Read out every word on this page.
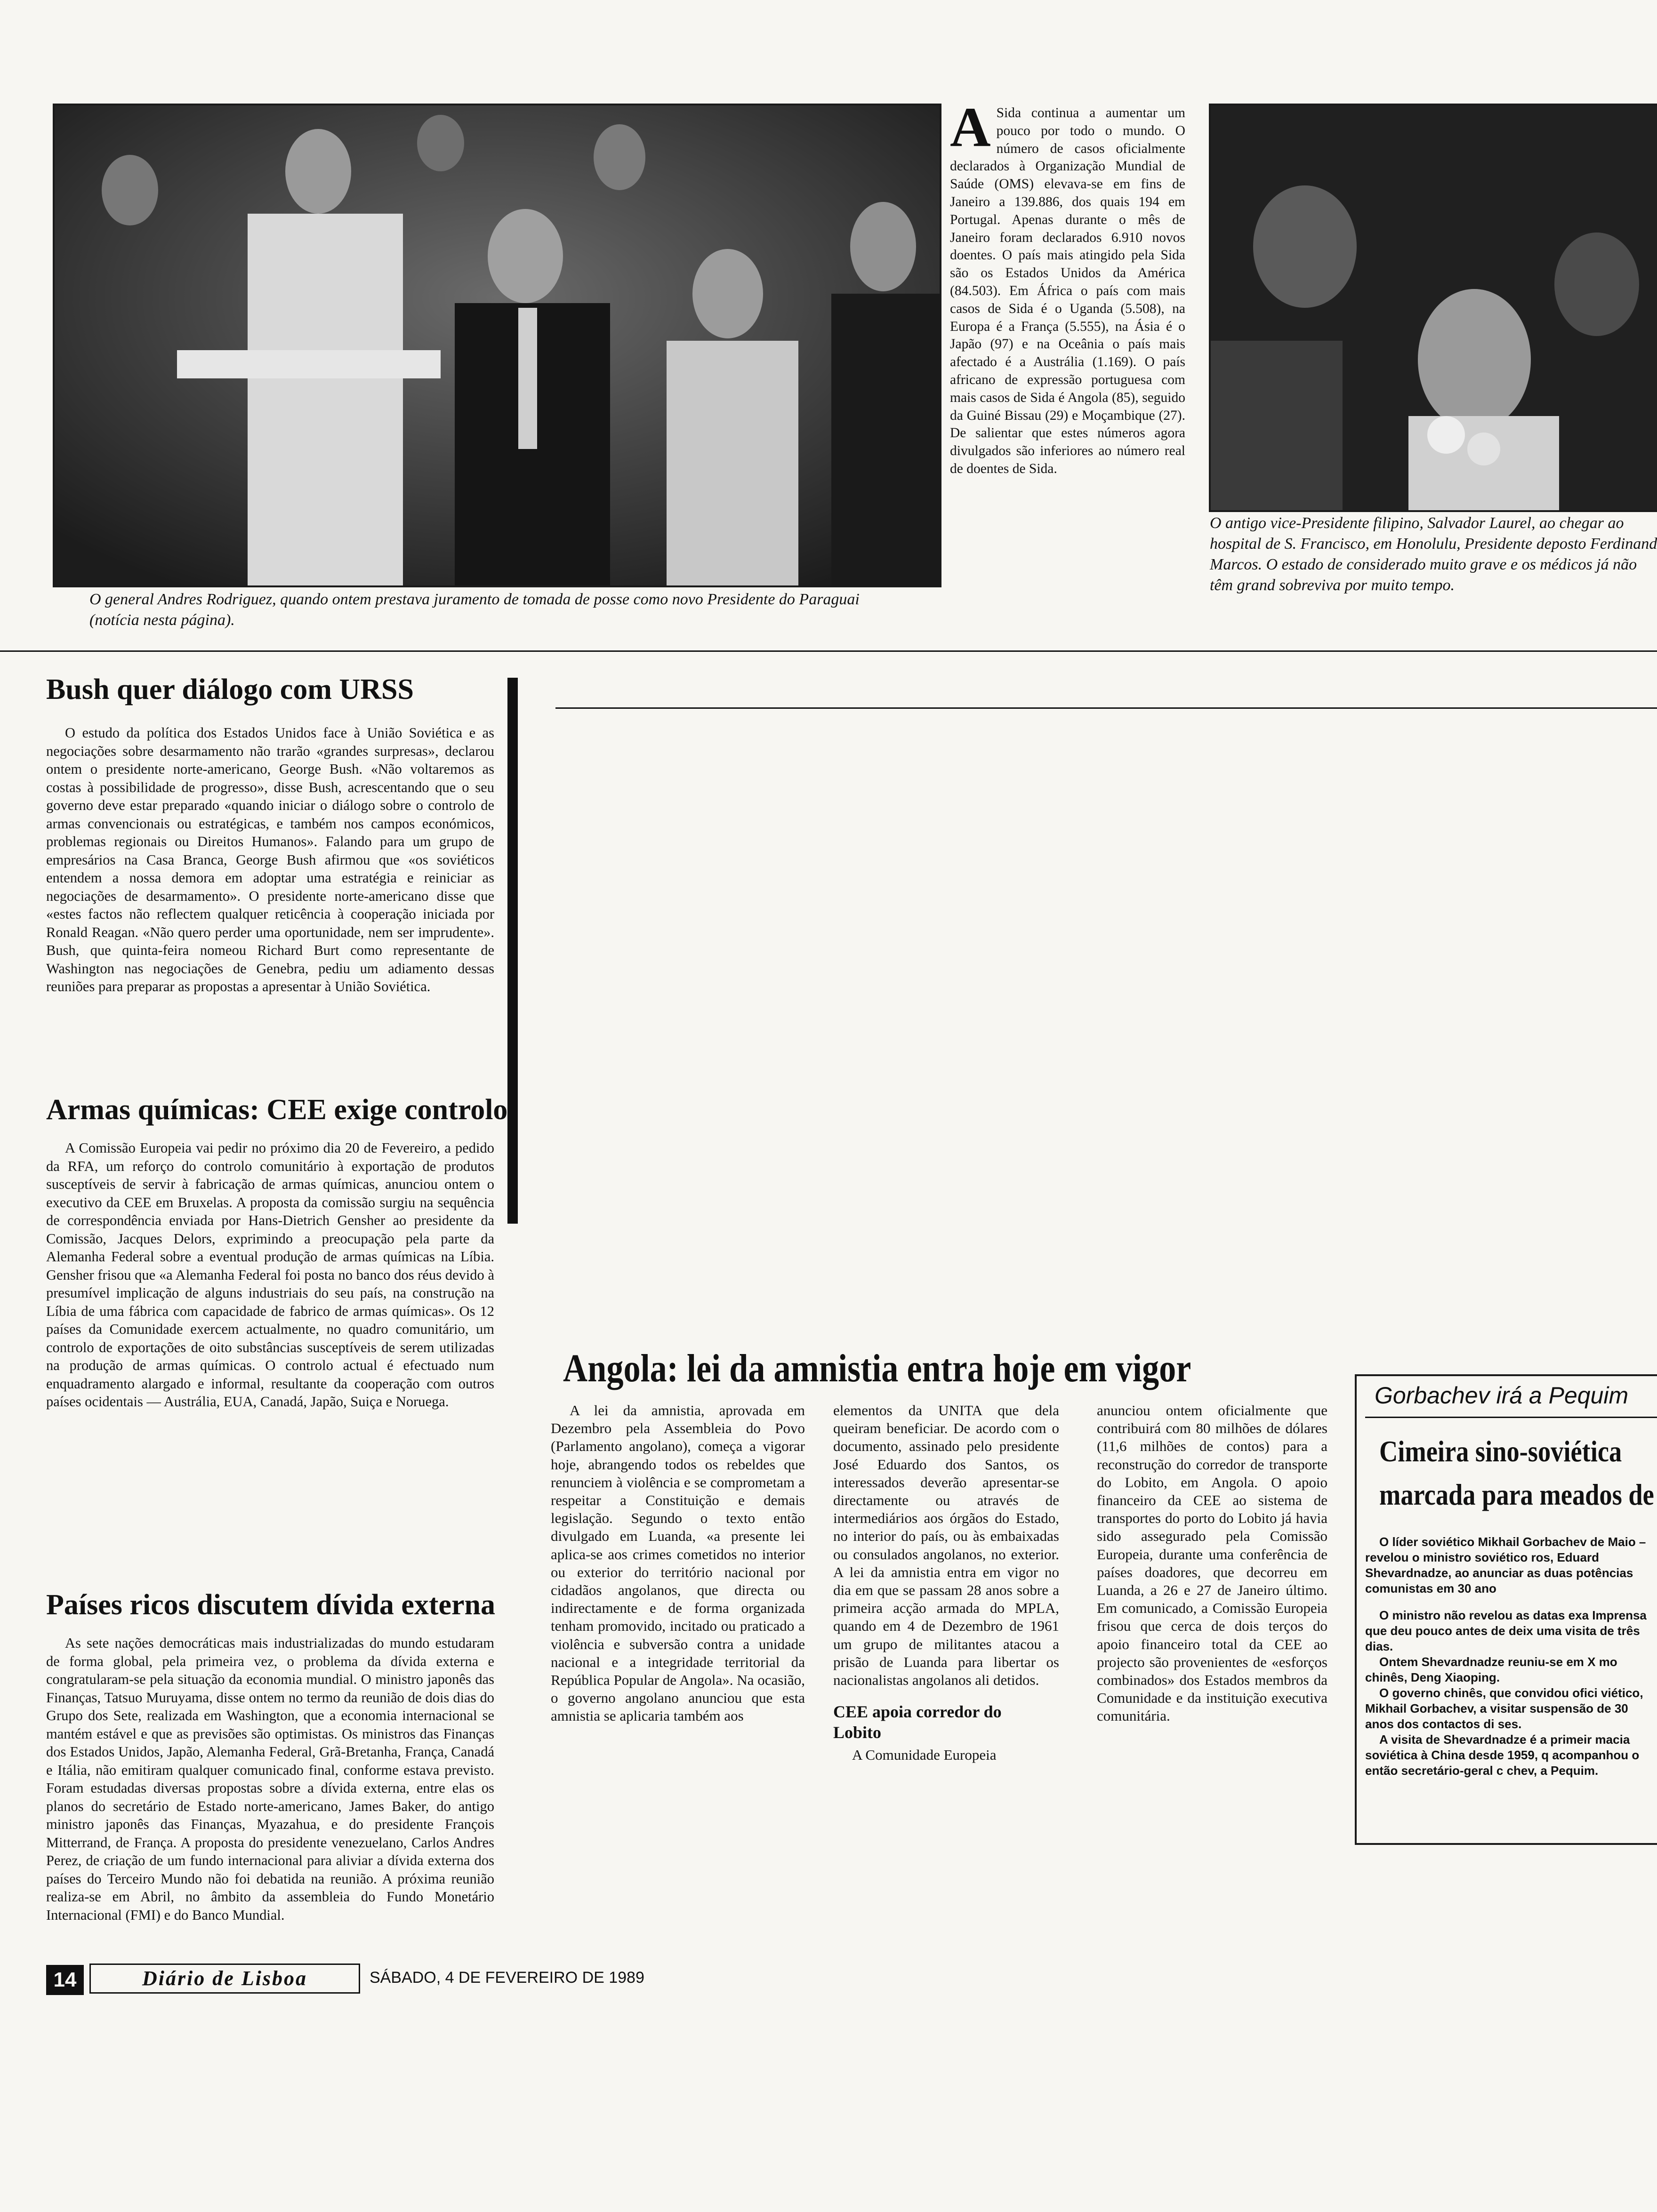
O general Andres Rodriguez, quando ontem prestava juramento de tomada de posse como novo Presidente do Paraguai (notícia nesta página).
A Sida continua a aumentar um pouco por todo o mundo. O número de casos oficialmente declarados à Organização Mundial de Saúde (OMS) elevava-se em fins de Janeiro a 139.886, dos quais 194 em Portugal. Apenas durante o mês de Janeiro foram declarados 6.910 novos doentes. O país mais atingido pela Sida são os Estados Unidos da América (84.503). Em África o país com mais casos de Sida é o Uganda (5.508), na Europa é a França (5.555), na Ásia é o Japão (97) e na Oceânia o país mais afectado é a Austrália (1.169). O país africano de expressão portuguesa com mais casos de Sida é Angola (85), seguido da Guiné Bissau (29) e Moçambique (27). De salientar que estes números agora divulgados são inferiores ao número real de doentes de Sida.
O antigo vice-Presidente filipino, Salvador Laurel, ao chegar ao hospital de S. Francisco, em Honolulu, Presidente deposto Ferdinand Marcos. O estado de considerado muito grave e os médicos já não têm grand sobreviva por muito tempo.
Bush quer diálogo com URSS

O estudo da política dos Estados Unidos face à União Soviética e as negociações sobre desarmamento não trarão «grandes surpresas», declarou ontem o presidente norte-americano, George Bush. «Não voltaremos as costas à possibilidade de progresso», disse Bush, acrescentando que o seu governo deve estar preparado «quando iniciar o diálogo sobre o controlo de armas convencionais ou estratégicas, e também nos campos económicos, problemas regionais ou Direitos Humanos». Falando para um grupo de empresários na Casa Branca, George Bush afirmou que «os soviéticos entendem a nossa demora em adoptar uma estratégia e reiniciar as negociações de desarmamento». O presidente norte-americano disse que «estes factos não reflectem qualquer reticência à cooperação iniciada por Ronald Reagan. «Não quero perder uma oportunidade, nem ser imprudente». Bush, que quinta-feira nomeou Richard Burt como representante de Washington nas negociações de Genebra, pediu um adiamento dessas reuniões para preparar as propostas a apresentar à União Soviética.

Armas químicas: CEE exige controlo

A Comissão Europeia vai pedir no próximo dia 20 de Fevereiro, a pedido da RFA, um reforço do controlo comunitário à exportação de produtos susceptíveis de servir à fabricação de armas químicas, anunciou ontem o executivo da CEE em Bruxelas. A proposta da comissão surgiu na sequência de correspondência enviada por Hans-Dietrich Gensher ao presidente da Comissão, Jacques Delors, exprimindo a preocupação pela parte da Alemanha Federal sobre a eventual produção de armas químicas na Líbia. Gensher frisou que «a Alemanha Federal foi posta no banco dos réus devido à presumível implicação de alguns industriais do seu país, na construção na Líbia de uma fábrica com capacidade de fabrico de armas químicas». Os 12 países da Comunidade exercem actualmente, no quadro comunitário, um controlo de exportações de oito substâncias susceptíveis de serem utilizadas na produção de armas químicas. O controlo actual é efectuado num enquadramento alargado e informal, resultante da cooperação com outros países ocidentais — Austrália, EUA, Canadá, Japão, Suiça e Noruega.

Países ricos discutem dívida externa

As sete nações democráticas mais industrializadas do mundo estudaram de forma global, pela primeira vez, o problema da dívida externa e congratularam-se pela situação da economia mundial. O ministro japonês das Finanças, Tatsuo Muruyama, disse ontem no termo da reunião de dois dias do Grupo dos Sete, realizada em Washington, que a economia internacional se mantém estável e que as previsões são optimistas. Os ministros das Finanças dos Estados Unidos, Japão, Alemanha Federal, Grã-Bretanha, França, Canadá e Itália, não emitiram qualquer comunicado final, conforme estava previsto. Foram estudadas diversas propostas sobre a dívida externa, entre elas os planos do secretário de Estado norte-americano, James Baker, do antigo ministro japonês das Finanças, Myazahua, e do presidente François Mitterrand, de França. A proposta do presidente venezuelano, Carlos Andres Perez, de criação de um fundo internacional para aliviar a dívida externa dos países do Terceiro Mundo não foi debatida na reunião. A próxima reunião realiza-se em Abril, no âmbito da assembleia do Fundo Monetário Internacional (FMI) e do Banco Mundial.

Angola: lei da amnistia entra hoje em vigor

A lei da amnistia, aprovada em Dezembro pela Assembleia do Povo (Parlamento angolano), começa a vigorar hoje, abrangendo todos os rebeldes que renunciem à violência e se comprometam a respeitar a Constituição e demais legislação. Segundo o texto então divulgado em Luanda, «a presente lei aplica-se aos crimes cometidos no interior ou exterior do território nacional por cidadãos angolanos, que directa ou indirectamente e de forma organizada tenham promovido, incitado ou praticado a violência e subversão contra a unidade nacional e a integridade territorial da República Popular de Angola». Na ocasião, o governo angolano anunciou que esta amnistia se aplicaria também aos

elementos da UNITA que dela queiram beneficiar. De acordo com o documento, assinado pelo presidente José Eduardo dos Santos, os interessados deverão apresentar-se directamente ou através de intermediários aos órgãos do Estado, no interior do país, ou às embaixadas ou consulados angolanos, no exterior. A lei da amnistia entra em vigor no dia em que se passam 28 anos sobre a primeira acção armada do MPLA, quando em 4 de Dezembro de 1961 um grupo de militantes atacou a prisão de Luanda para libertar os nacionalistas angolanos ali detidos.

CEE apoia corredor do Lobito

A Comunidade Europeia

anunciou ontem oficialmente que contribuirá com 80 milhões de dólares (11,6 milhões de contos) para a reconstrução do corredor de transporte do Lobito, em Angola. O apoio financeiro da CEE ao sistema de transportes do porto do Lobito já havia sido assegurado pela Comissão Europeia, durante uma conferência de países doadores, que decorreu em Luanda, a 26 e 27 de Janeiro último. Em comunicado, a Comissão Europeia frisou que cerca de dois terços do apoio financeiro total da CEE ao projecto são provenientes de «esforços combinados» dos Estados membros da Comunidade e da instituição executiva comunitária.

Gorbachev irá a Pequim
Cimeira sino-soviética
marcada para meados de

O líder soviético Mikhail Gorbachev de Maio – revelou o ministro soviético ros, Eduard Shevardnadze, ao anunciar as duas potências comunistas em 30 ano

O ministro não revelou as datas exa Imprensa que deu pouco antes de deix uma visita de três dias.

Ontem Shevardnadze reuniu-se em X mo chinês, Deng Xiaoping.

O governo chinês, que convidou ofici viético, Mikhail Gorbachev, a visitar suspensão de 30 anos dos contactos di ses.

A visita de Shevardnadze é a primeir macia soviética à China desde 1959, q acompanhou o então secretário-geral c chev, a Pequim.

14	Diário de Lisboa	SÁBADO, 4 DE FEVEREIRO DE 1989
